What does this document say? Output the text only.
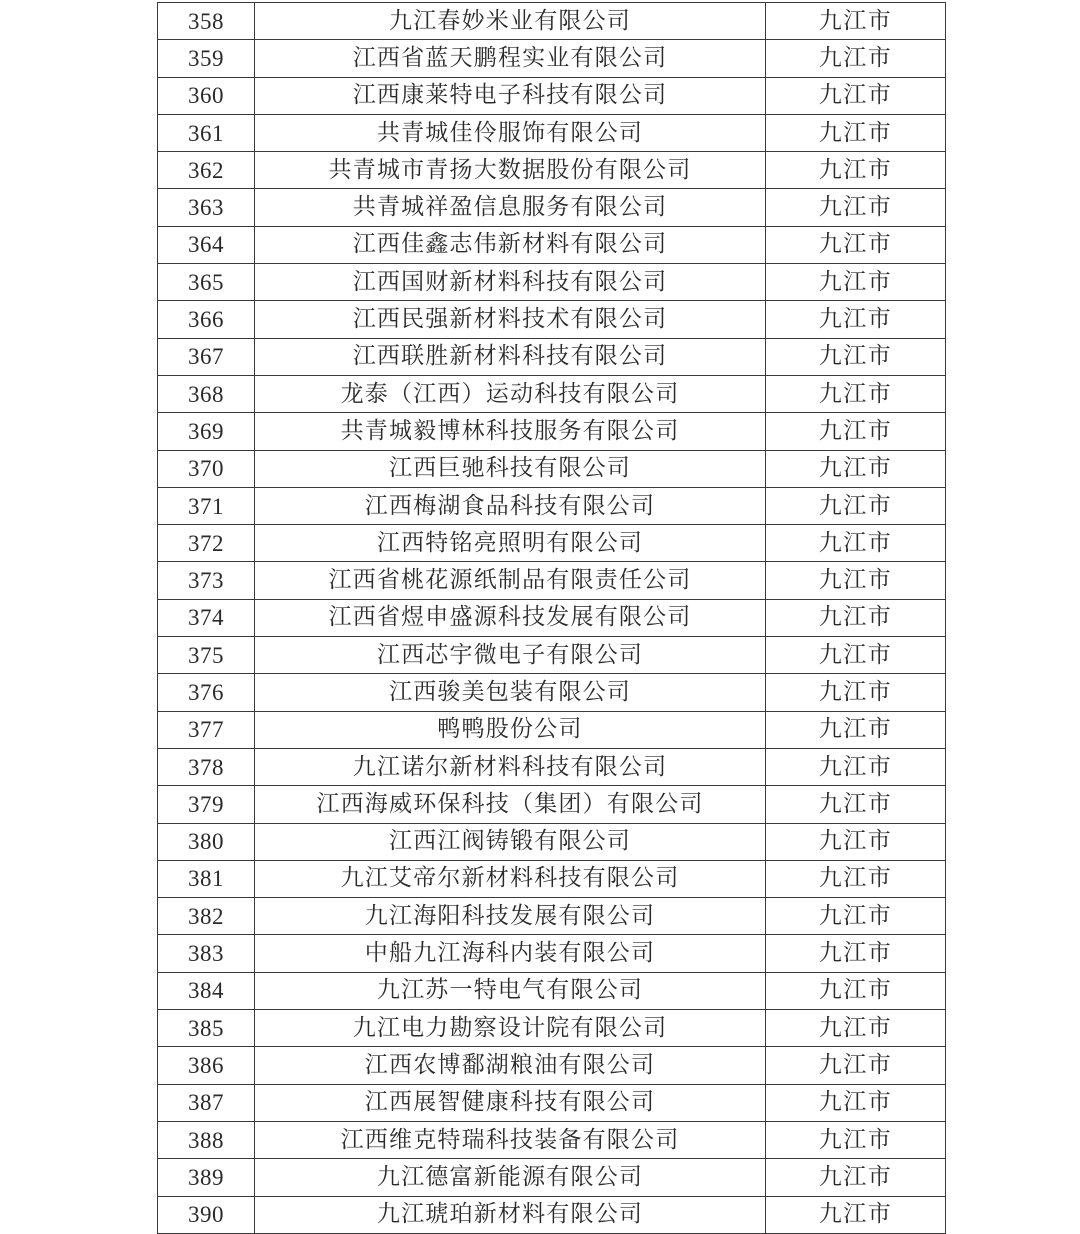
358	九江春妙米业有限公司	九江市
359	江西省蓝天鹏程实业有限公司	九江市
360	江西康莱特电子科技有限公司	九江市
361	共青城佳伶服饰有限公司	九江市
362	共青城市青扬大数据股份有限公司	九江市
363	共青城祥盈信息服务有限公司	九江市
364	江西佳鑫志伟新材料有限公司	九江市
365	江西国财新材料科技有限公司	九江市
366	江西民强新材料技术有限公司	九江市
367	江西联胜新材料科技有限公司	九江市
368	龙泰（江西）运动科技有限公司	九江市
369	共青城毅博林科技服务有限公司	九江市
370	江西巨驰科技有限公司	九江市
371	江西梅湖食品科技有限公司	九江市
372	江西特铭亮照明有限公司	九江市
373	江西省桃花源纸制品有限责任公司	九江市
374	江西省煜申盛源科技发展有限公司	九江市
375	江西芯宇微电子有限公司	九江市
376	江西骏美包装有限公司	九江市
377	鸭鸭股份公司	九江市
378	九江诺尔新材料科技有限公司	九江市
379	江西海威环保科技（集团）有限公司	九江市
380	江西江阀铸锻有限公司	九江市
381	九江艾帝尔新材料科技有限公司	九江市
382	九江海阳科技发展有限公司	九江市
383	中船九江海科内装有限公司	九江市
384	九江苏一特电气有限公司	九江市
385	九江电力勘察设计院有限公司	九江市
386	江西农博鄱湖粮油有限公司	九江市
387	江西展智健康科技有限公司	九江市
388	江西维克特瑞科技装备有限公司	九江市
389	九江德富新能源有限公司	九江市
390	九江琥珀新材料有限公司	九江市
